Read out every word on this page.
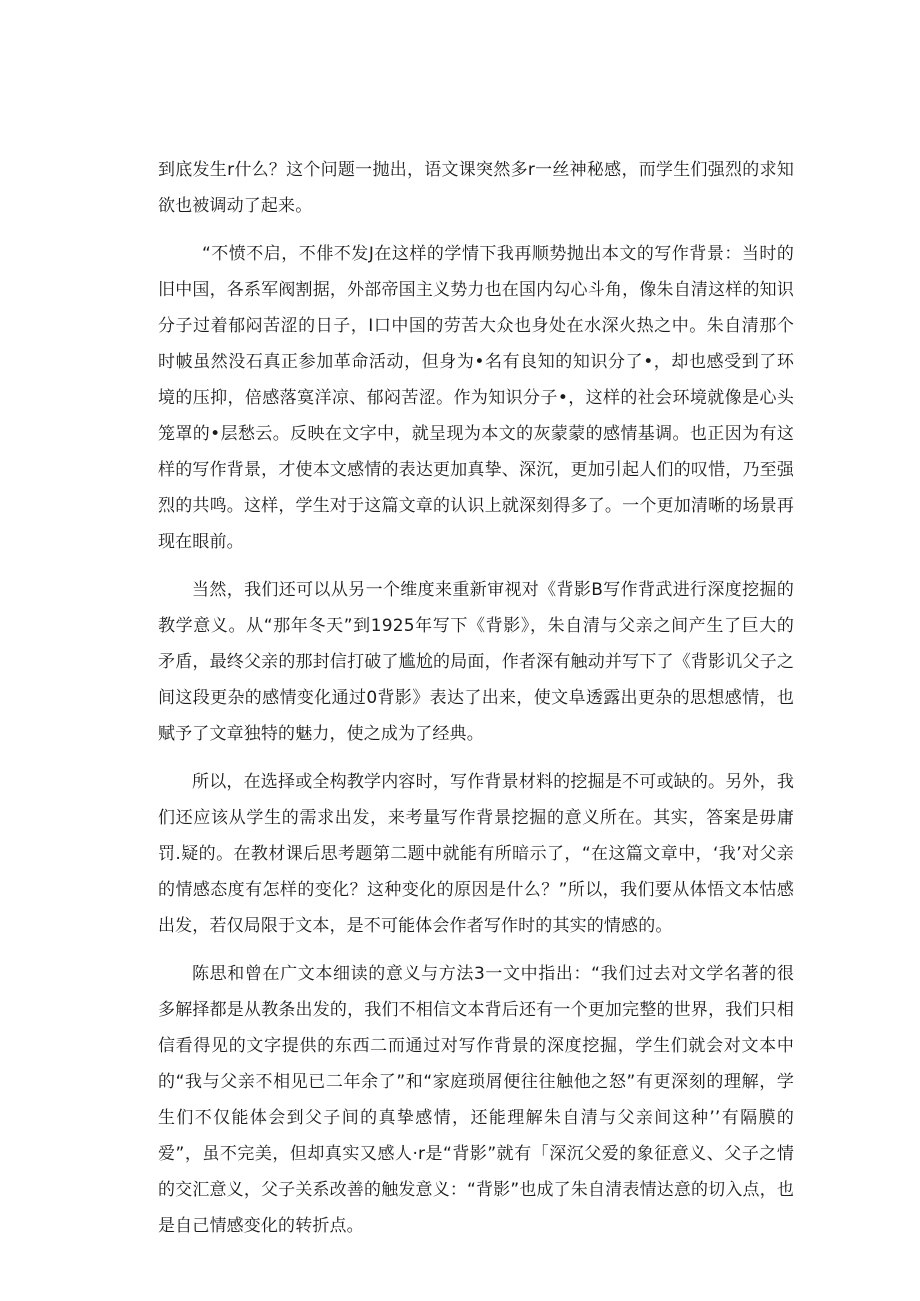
到底发生r什么？这个问题一抛出，语文课突然多r一丝神秘感，而学生们强烈的求知欲也被调动了起来。

“不愤不启，不俳不发J在这样的学情下我再顺势抛出本文的写作背景：当时的旧中国，各系军阀割据，外部帝国主义势力也在国内勾心斗角，像朱自清这样的知识分子过着郁闷苦涩的日子，I口中国的劳苦大众也身处在水深火热之中。朱自清那个时帔虽然没石真正参加革命活动，但身为•名有良知的知识分了•，却也感受到了环境的压抑，倍感落寞洋凉、郁闷苦涩。作为知识分子•，这样的社会环境就像是心头笼罩的•层愁云。反映在文字中，就呈现为本文的灰蒙蒙的感情基调。也正因为有这样的写作背景，才使本文感情的表达更加真挚、深沉，更加引起人们的叹惜，乃至强烈的共鸣。这样，学生对于这篇文章的认识上就深刻得多了。一个更加清晰的场景再现在眼前。

当然，我们还可以从另一个维度来重新审视对《背影B写作背武进行深度挖掘的教学意义。从“那年冬天”到1925年写下《背影》，朱自清与父亲之间产生了巨大的矛盾，最终父亲的那封信打破了尴尬的局面，作者深有触动并写下了《背影讥父子之间这段更杂的感情变化通过0背影》表达了出来，使文阜透露出更杂的思想感情，也赋予了文章独特的魅力，使之成为了经典。

所以，在选择或全构教学内容时，写作背景材料的挖掘是不可或缺的。另外，我们还应该从学生的需求出发，来考量写作背景挖掘的意义所在。其实，答案是毋庸罚.疑的。在教材课后思考题第二题中就能有所暗示了，“在这篇文章中，‘我’对父亲的情感态度有怎样的变化？这种变化的原因是什么？”所以，我们要从体悟文本怙感出发，若仅局限于文本，是不可能体会作者写作时的其实的情感的。

陈思和曾在广文本细读的意义与方法3一文中指出：“我们过去对文学名著的很多解择都是从教条出发的，我们不相信文本背后还有一个更加完整的世界，我们只相信看得见的文字提供的东西二而通过对写作背景的深度挖掘，学生们就会对文本中的“我与父亲不相见已二年余了”和“家庭琐屑便往往触他之怒”有更深刻的理解，学生们不仅能体会到父子间的真挚感情，还能理解朱自清与父亲间这种’’有隔膜的爱”，虽不完美，但却真实又感人·r是“背影”就有「深沉父爱的象征意义、父子之情的交汇意义，父子关系改善的触发意义：“背影”也成了朱自清表情达意的切入点，也是自己情感变化的转折点。
